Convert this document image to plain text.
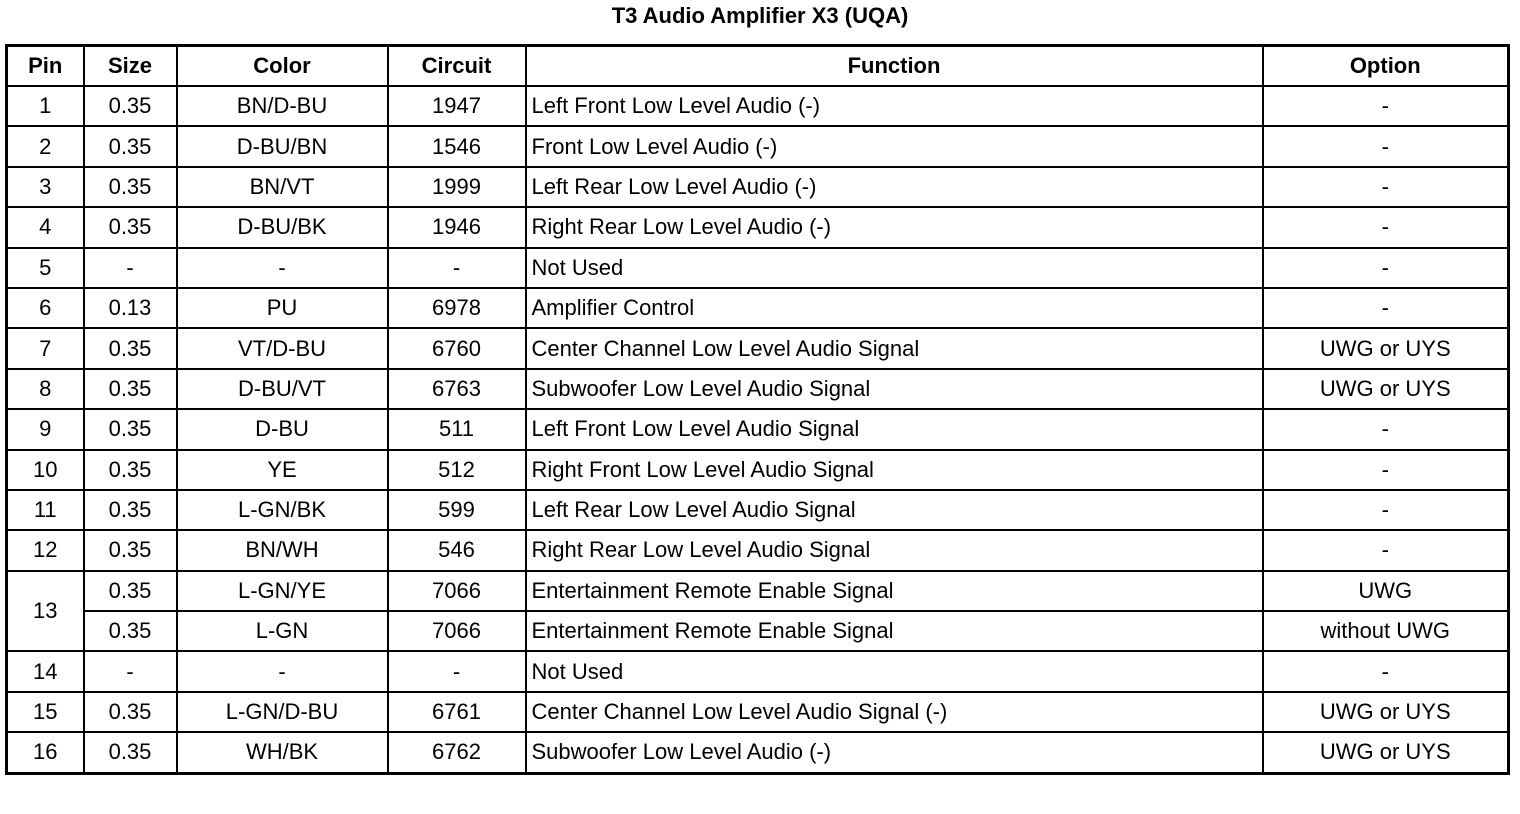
T3 Audio Amplifier X3 (UQA)
Pin	Size	Color	Circuit	Function	Option
1	0.35	BN/D-BU	1947	Left Front Low Level Audio (-)	-
2	0.35	D-BU/BN	1546	Front Low Level Audio (-)	-
3	0.35	BN/VT	1999	Left Rear Low Level Audio (-)	-
4	0.35	D-BU/BK	1946	Right Rear Low Level Audio (-)	-
5	-	-	-	Not Used	-
6	0.13	PU	6978	Amplifier Control	-
7	0.35	VT/D-BU	6760	Center Channel Low Level Audio Signal	UWG or UYS
8	0.35	D-BU/VT	6763	Subwoofer Low Level Audio Signal	UWG or UYS
9	0.35	D-BU	511	Left Front Low Level Audio Signal	-
10	0.35	YE	512	Right Front Low Level Audio Signal	-
11	0.35	L-GN/BK	599	Left Rear Low Level Audio Signal	-
12	0.35	BN/WH	546	Right Rear Low Level Audio Signal	-
13	0.35	L-GN/YE	7066	Entertainment Remote Enable Signal	UWG
	0.35	L-GN	7066	Entertainment Remote Enable Signal	without UWG
14	-	-	-	Not Used	-
15	0.35	L-GN/D-BU	6761	Center Channel Low Level Audio Signal (-)	UWG or UYS
16	0.35	WH/BK	6762	Subwoofer Low Level Audio (-)	UWG or UYS
